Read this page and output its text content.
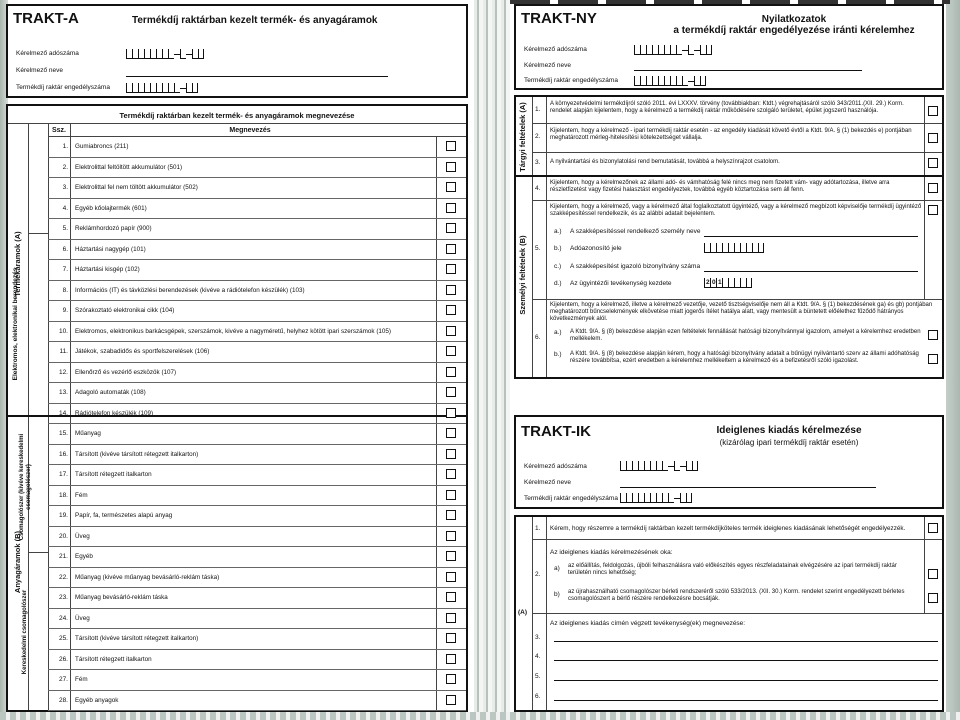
TRAKT-A	Termékdíj raktárban kezelt termék- és anyagáramok
Kérelmező adószáma
Kérelmező neve
Termékdíj raktár engedélyszáma
Termékdíj raktárban kezelt termék- és anyagáramok megnevezése
Ssz.	Megnevezés
Termékáramok (A)
Elektromos, elektronikai berendezés
Anyagáramok (B)
Csomagolószer (kivéve kereskedelmi csomagolószer)
Kereskedelmi csomagolószer
1. Gumiabroncs (211)
2. Elektrolittal feltöltött akkumulátor (501)
3. Elektrolittal fel nem töltött akkumulátor (502)
4. Egyéb kőolajtermék (601)
5. Reklámhordozó papír (900)
6. Háztartási nagygép (101)
7. Háztartási kisgép (102)
8. Információs (IT) és távközlési berendezések (kivéve a rádiótelefon készülék) (103)
9. Szórakoztató elektronikai cikk (104)
10. Elektromos, elektronikus barkácsgépek, szerszámok, kivéve a nagyméretű, helyhez kötött ipari szerszámok (105)
11. Játékok, szabadidős és sportfelszerelések (106)
12. Ellenőrző és vezérlő eszközök (107)
13. Adagoló automaták (108)
14. Rádiótelefon készülék (109)
15. Műanyag
16. Társított (kivéve társított rétegzett italkarton)
17. Társított rétegzett italkarton
18. Fém
19. Papír, fa, természetes alapú anyag
20. Üveg
21. Egyéb
22. Műanyag (kivéve műanyag bevásárló-reklám táska)
23. Műanyag bevásárló-reklám táska
24. Üveg
25. Társított (kivéve társított rétegzett italkarton)
26. Társított rétegzett italkarton
27. Fém
28. Egyéb anyagok
TRAKT-NY	Nyilatkozatok
a termékdíj raktár engedélyezése iránti kérelemhez
Kérelmező adószáma
Kérelmező neve
Termékdíj raktár engedélyszáma
Tárgyi feltételek (A)
Személyi feltételek (B)
1.
A környezetvédelmi termékdíjról szóló 2011. évi LXXXV. törvény (továbbiakban: Ktdt.) végrehajtásáról szóló 343/2011.(XII. 29.) Korm. rendelet alapján kijelentem, hogy a kérelmező a termékdíj raktár működésére szolgáló területet, épület jogszerű használója.
2.
Kijelentem, hogy a kérelmező - ipari termékdíj raktár esetén - az engedély kiadását követő évtől a Ktdt. 9/A. § (1) bekezdés e) pontjában meghatározott mérleg-hitelesítési kötelezettséget vállalja.
3. A nyilvántartási és bizonylatolási rend bemutatását, továbbá a helyszínrajzot csatolom.
4.
Kijelentem, hogy a kérelmezőnek az állami adó- és vámhatóság felé nincs meg nem fizetett vám- vagy adótartozása, illetve arra részletfizetést vagy fizetési halasztást engedélyeztek, továbbá egyéb köztartozása sem áll fenn.
5.
Kijelentem, hogy a kérelmező, vagy a kérelmező által foglalkoztatott ügyintéző, vagy a kérelmező megbízott képviselője termékdíj ügyintéző szakképesítéssel rendelkezik, és az alábbi adatait bejelentem.
a.) A szakképesítéssel rendelkező személy neve
b.) Adóazonosító jele
c.) A szakképesítést igazoló bizonyítvány száma
d.) Az ügyintézői tevékenység kezdete	2 0 1
6.
Kijelentem, hogy a kérelmező, illetve a kérelmező vezetője, vezető tisztségviselője nem áll a Ktdt. 9/A. § (1) bekezdésének ga) és gb) pontjában meghatározott bűncselekmények elkövetése miatt jogerős ítélet hatálya alatt, vagy mentesült a büntetett előélethez fűződő hátrányos következmények alól.
a.) A Ktdt. 9/A. § (8) bekezdése alapján ezen feltételek fennállását hatósági bizonyítvánnyal igazolom, amelyet a kérelemhez eredetben mellékelem.
b.) A Ktdt. 9/A. § (8) bekezdése alapján kérem, hogy a hatósági bizonyítvány adatait a bűnügyi nyilvántartó szerv az állami adóhatóság részére továbbítsa, ezért eredetben a kérelemhez mellékeltem a kérelmező és a befizetésről szóló igazolást.
TRAKT-IK	Ideiglenes kiadás kérelmezése
(kizárólag ipari termékdíj raktár esetén)
Kérelmező adószáma
Kérelmező neve
Termékdíj raktár engedélyszáma
(A)
1. Kérem, hogy részemre a termékdíj raktárban kezelt termékdíjköteles termék ideiglenes kiadásának lehetőségét engedélyezzék.
2.
Az ideiglenes kiadás kérelmezésének oka:
a) az előállítás, feldolgozás, újbóli felhasználásra való előkészítés egyes részfeladatainak elvégzésére az ipari termékdíj raktár területén nincs lehetőség;
b) az újrahasználható csomagolószer bérleti rendszeréről szóló 533/2013. (XII. 30.) Korm. rendelet szerint engedélyezett bérletes csomagolószert a bérlő részére rendelkezésre bocsátják.
Az ideiglenes kiadás címén végzett tevékenység(ek) megnevezése:
3.
4.
5.
6.
